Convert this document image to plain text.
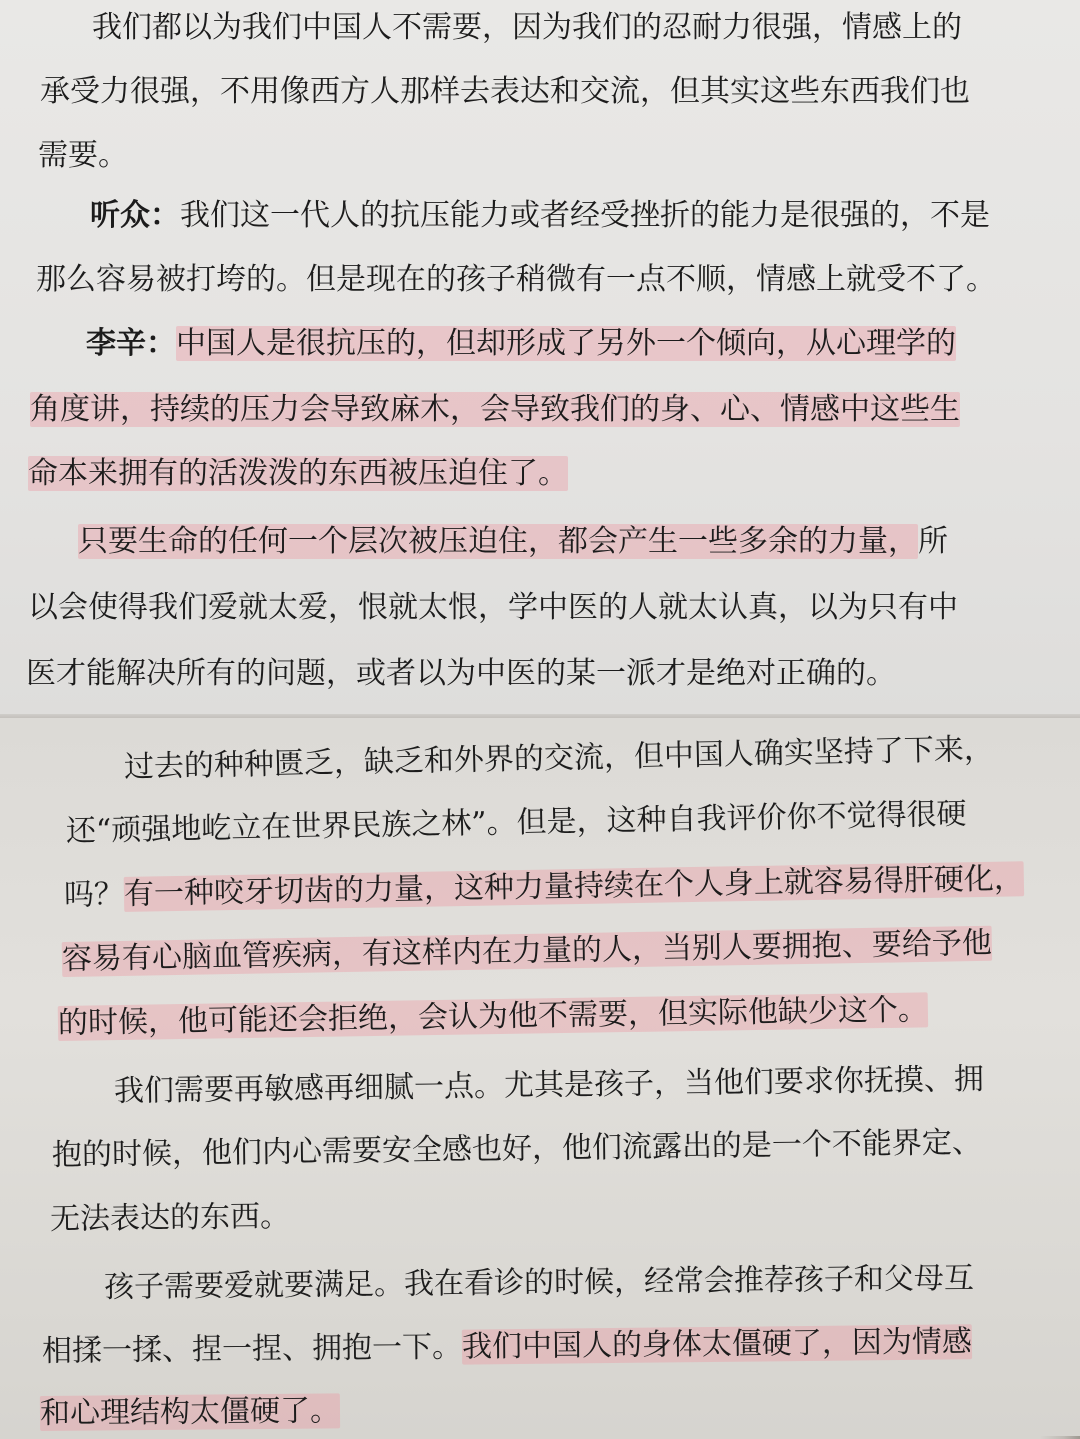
我们都以为我们中国人不需要，因为我们的忍耐力很强，情感上的
承受力很强，不用像西方人那样去表达和交流，但其实这些东西我们也
需要。
听众：我们这一代人的抗压能力或者经受挫折的能力是很强的，不是
那么容易被打垮的。但是现在的孩子稍微有一点不顺，情感上就受不了。
李辛：中国人是很抗压的，但却形成了另外一个倾向，从心理学的
角度讲，持续的压力会导致麻木，会导致我们的身、心、情感中这些生
命本来拥有的活泼泼的东西被压迫住了。
只要生命的任何一个层次被压迫住，都会产生一些多余的力量，所
以会使得我们爱就太爱，恨就太恨，学中医的人就太认真，以为只有中
医才能解决所有的问题，或者以为中医的某一派才是绝对正确的。
过去的种种匮乏，缺乏和外界的交流，但中国人确实坚持了下来，
还“顽强地屹立在世界民族之林”。但是，这种自我评价你不觉得很硬
吗？有一种咬牙切齿的力量，这种力量持续在个人身上就容易得肝硬化，
容易有心脑血管疾病，有这样内在力量的人，当别人要拥抱、要给予他
的时候，他可能还会拒绝，会认为他不需要，但实际他缺少这个。
我们需要再敏感再细腻一点。尤其是孩子，当他们要求你抚摸、拥
抱的时候，他们内心需要安全感也好，他们流露出的是一个不能界定、
无法表达的东西。
孩子需要爱就要满足。我在看诊的时候，经常会推荐孩子和父母互
相揉一揉、捏一捏、拥抱一下。我们中国人的身体太僵硬了，因为情感
和心理结构太僵硬了。
